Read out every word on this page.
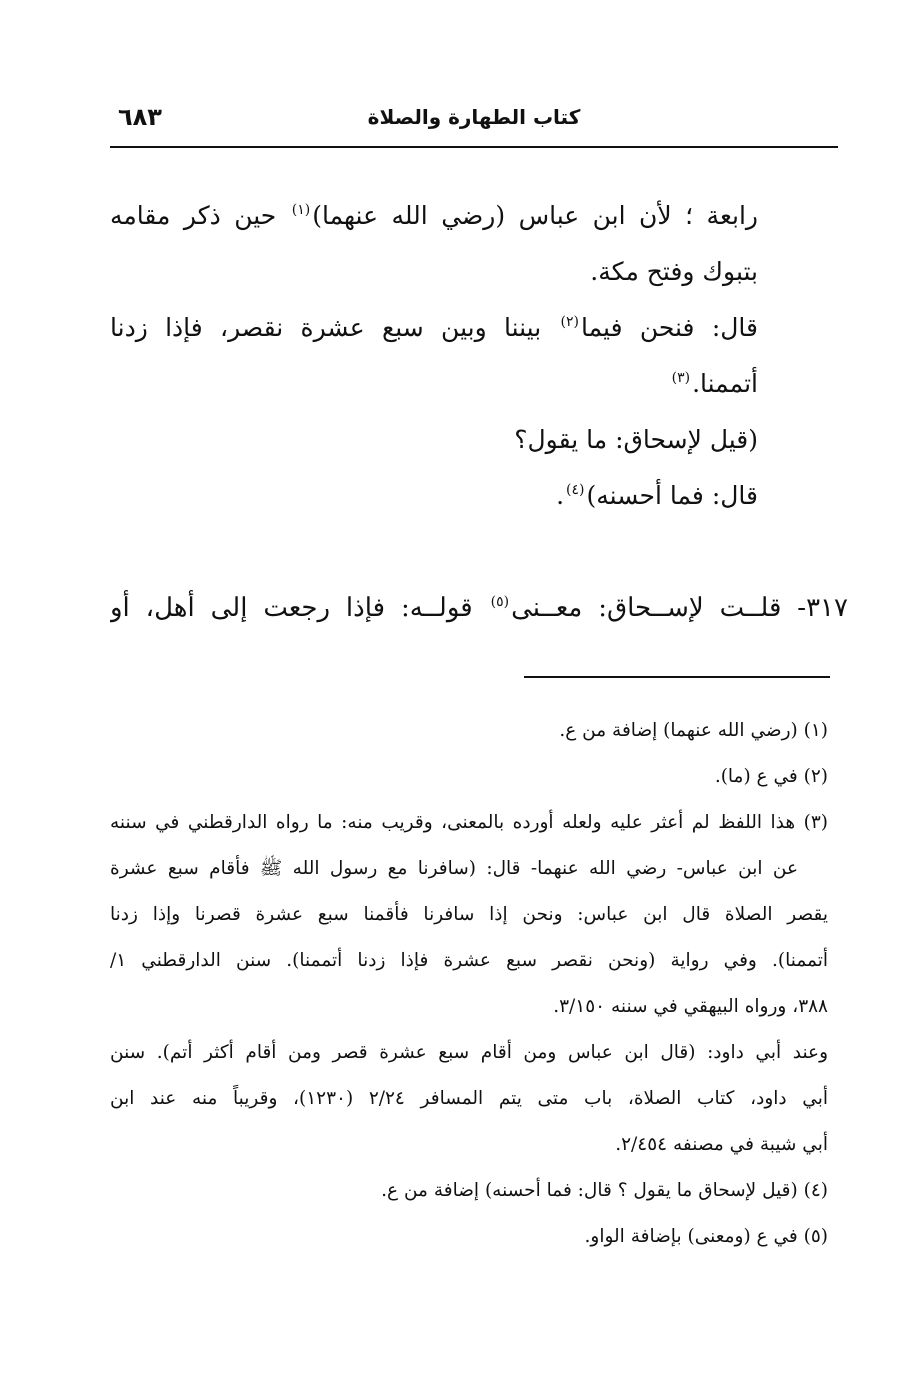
٦٨٣	كتاب الطهارة والصلاة
رابعة ؛ لأن ابن عباس (رضي الله عنهما)$^{(١)}$ حين ذكر مقامه
بتبوك وفتح مكة.
قال: فنحن فيما$^{(٢)}$ بيننا وبين سبع عشرة نقصر، فإذا زدنا
أتممنا.$^{(٣)}$
(قيل لإسحاق: ما يقول؟
قال: فما أحسنه)$^{(٤)}$.
٣١٧- قلــت لإســحاق: معــنى$^{(٥)}$ قولــه: فإذا رجعت إلى أهل، أو
(١) (رضي الله عنهما) إضافة من ع.
(٢) في ع (ما).
(٣) هذا اللفظ لم أعثر عليه ولعله أورده بالمعنى، وقريب منه: ما رواه الدارقطني في سننه
عن ابن عباس- رضي الله عنهما- قال: (سافرنا مع رسول الله ﷺ فأقام سبع عشرة
يقصر الصلاة قال ابن عباس: ونحن إذا سافرنا فأقمنا سبع عشرة قصرنا وإذا زدنا
أتممنا). وفي رواية (ونحن نقصر سبع عشرة فإذا زدنا أتممنا). سنن الدارقطني ١/
٣٨٨، ورواه البيهقي في سننه ٣/١٥٠.
وعند أبي داود: (قال ابن عباس ومن أقام سبع عشرة قصر ومن أقام أكثر أتم). سنن
أبي داود، كتاب الصلاة، باب متى يتم المسافر ٢/٢٤ (١٢٣٠)، وقريباً منه عند ابن
أبي شيبة في مصنفه ٢/٤٥٤.
(٤) (قيل لإسحاق ما يقول ؟ قال: فما أحسنه) إضافة من ع.
(٥) في ع (ومعنى) بإضافة الواو.
